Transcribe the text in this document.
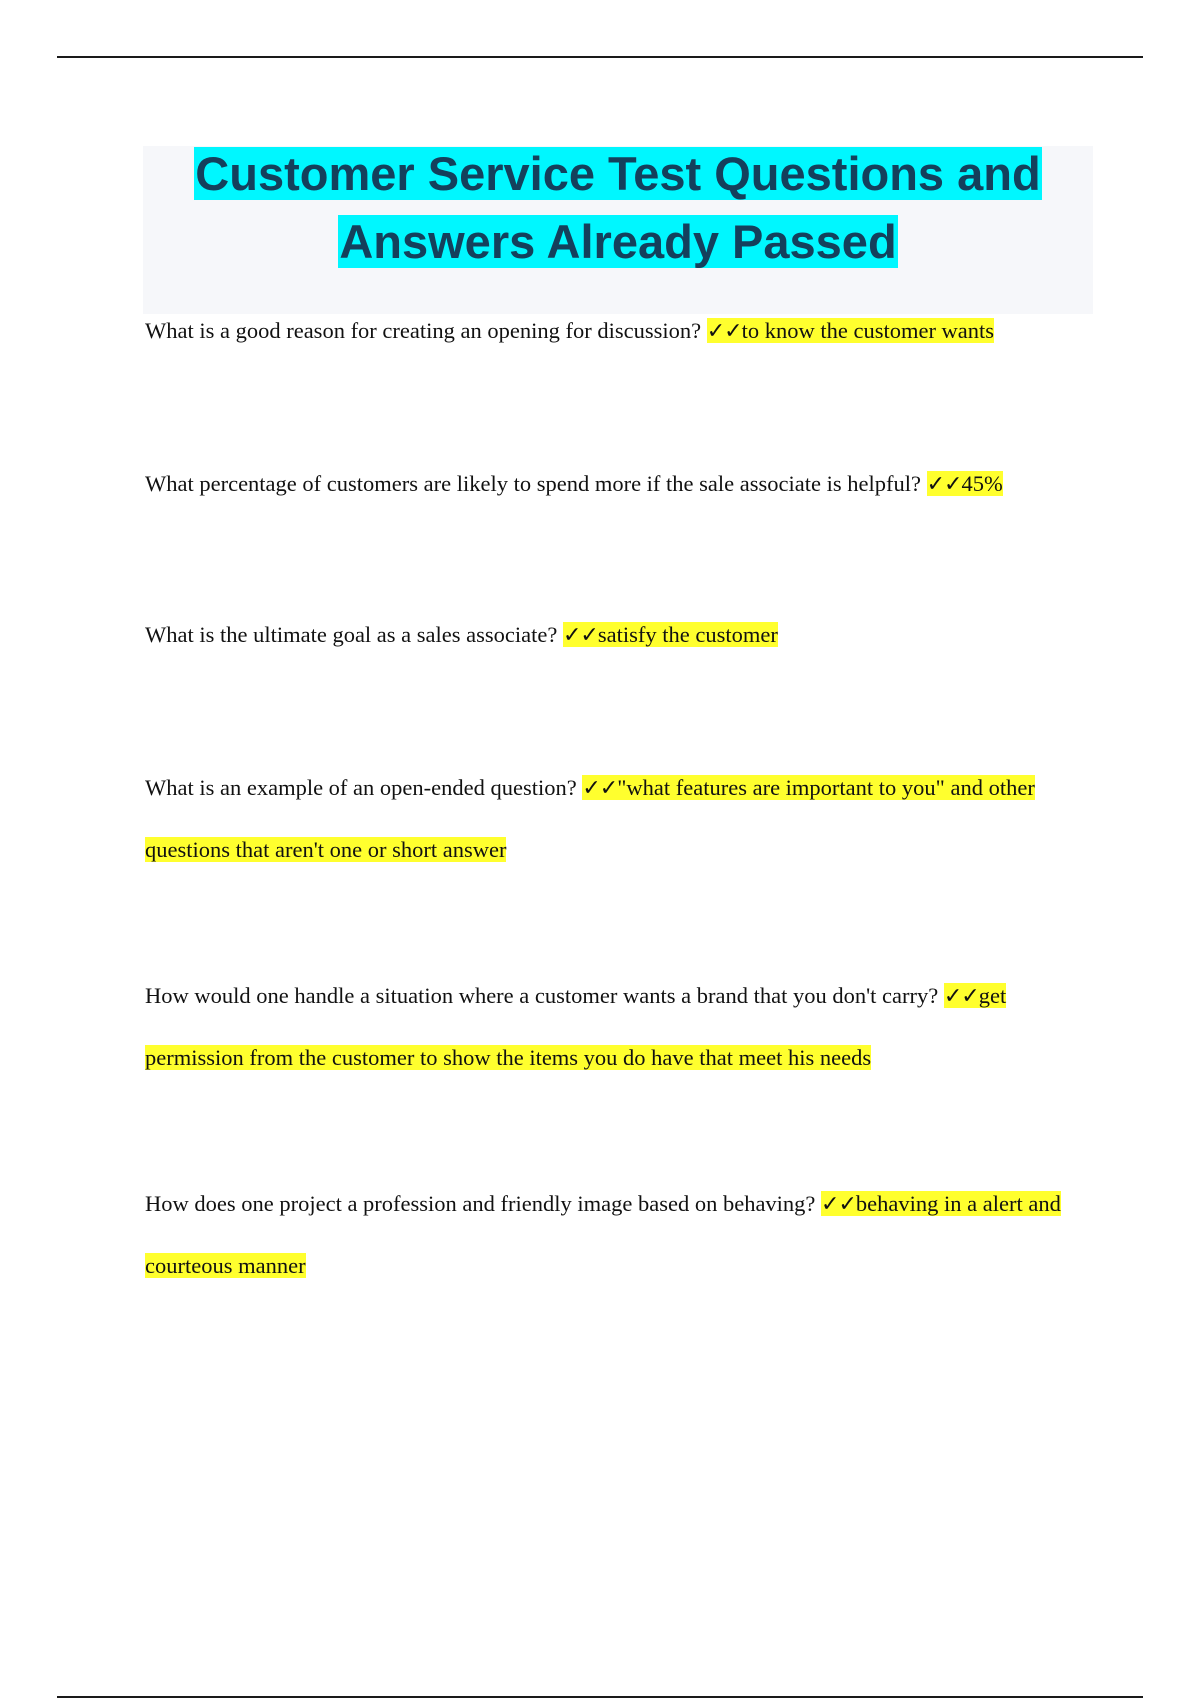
Customer Service Test Questions and Answers Already Passed
What is a good reason for creating an opening for discussion? ✓✓to know the customer wants
What percentage of customers are likely to spend more if the sale associate is helpful? ✓✓45%
What is the ultimate goal as a sales associate? ✓✓satisfy the customer
What is an example of an open-ended question? ✓✓"what features are important to you" and other questions that aren't one or short answer
How would one handle a situation where a customer wants a brand that you don't carry? ✓✓get permission from the customer to show the items you do have that meet his needs
How does one project a profession and friendly image based on behaving? ✓✓behaving in a alert and courteous manner
